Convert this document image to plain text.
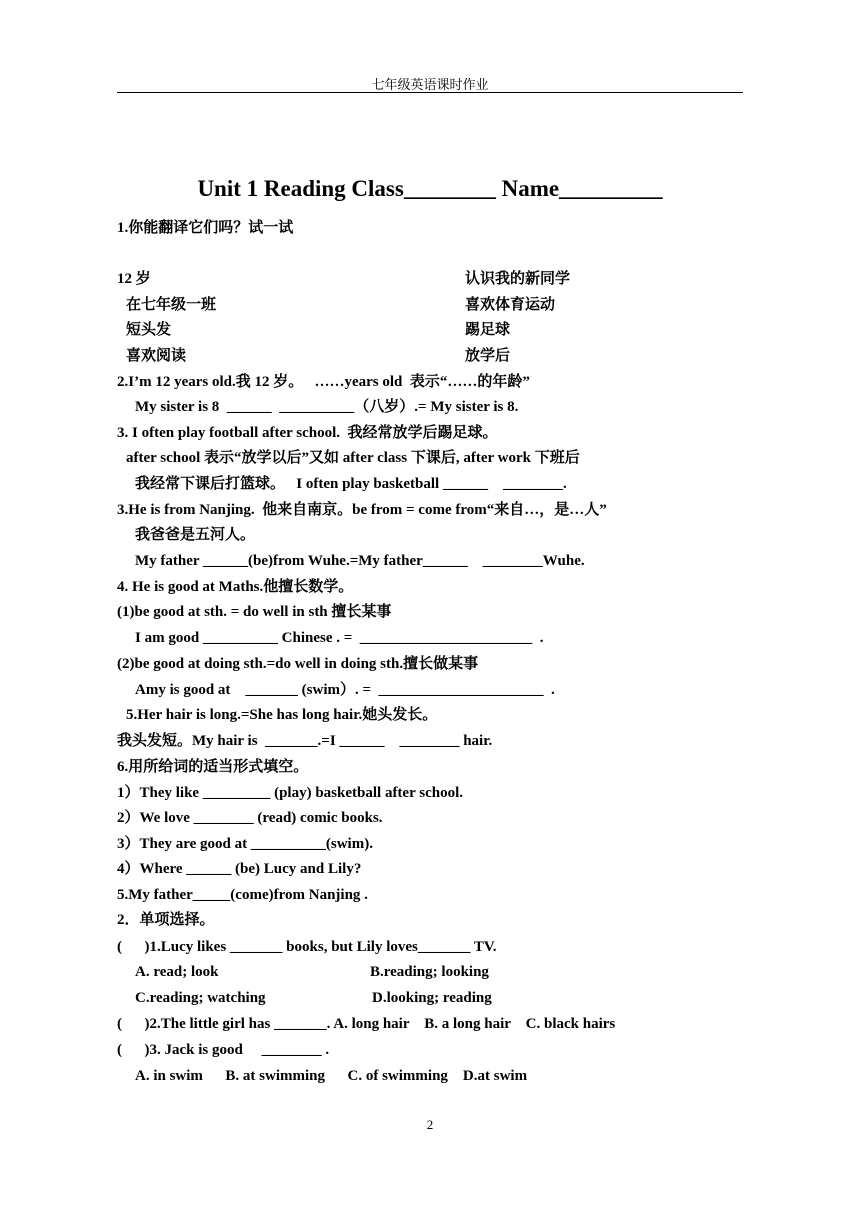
七年级英语课时作业
Unit 1 Reading Class________ Name_________
1.你能翻译它们吗？试一试
12 岁	认识我的新同学
在七年级一班	喜欢体育运动
短头发	踢足球
喜欢阅读	放学后
2.I’m 12 years old.我 12 岁。   ……years old  表示“……的年龄”
My sister is 8  ______  __________（八岁）.= My sister is 8.
3. I often play football after school.  我经常放学后踢足球。
after school 表示“放学以后”又如 after class 下课后, after work 下班后
我经常下课后打篮球。   I often play basketball ______    ________.
3.He is from Nanjing.  他来自南京。be from = come from“来自…，是…人”
我爸爸是五河人。
My father ______(be)from Wuhe.=My father______    ________Wuhe.
4. He is good at Maths.他擅长数学。
(1)be good at sth. = do well in sth 擅长某事
I am good __________ Chinese . =  _______________________  .
(2)be good at doing sth.=do well in doing sth.擅长做某事
Amy is good at    _______ (swim）. =  ______________________  .
5.Her hair is long.=She has long hair.她头发长。
我头发短。My hair is  _______.=I ______    ________ hair.
6.用所给词的适当形式填空。
1）They like _________ (play) basketball after school.
2）We love ________ (read) comic books.
3）They are good at __________(swim).
4）Where ______ (be) Lucy and Lily?
5.My father_____(come)from Nanjing .
2．单项选择。
(      )1.Lucy likes _______ books, but Lily loves_______ TV.
A. read; look	B.reading; looking
C.reading; watching	D.looking; reading
(      )2.The little girl has _______. A. long hair    B. a long hair    C. black hairs
(      )3. Jack is good     ________ .
A. in swim      B. at swimming      C. of swimming    D.at swim
2
